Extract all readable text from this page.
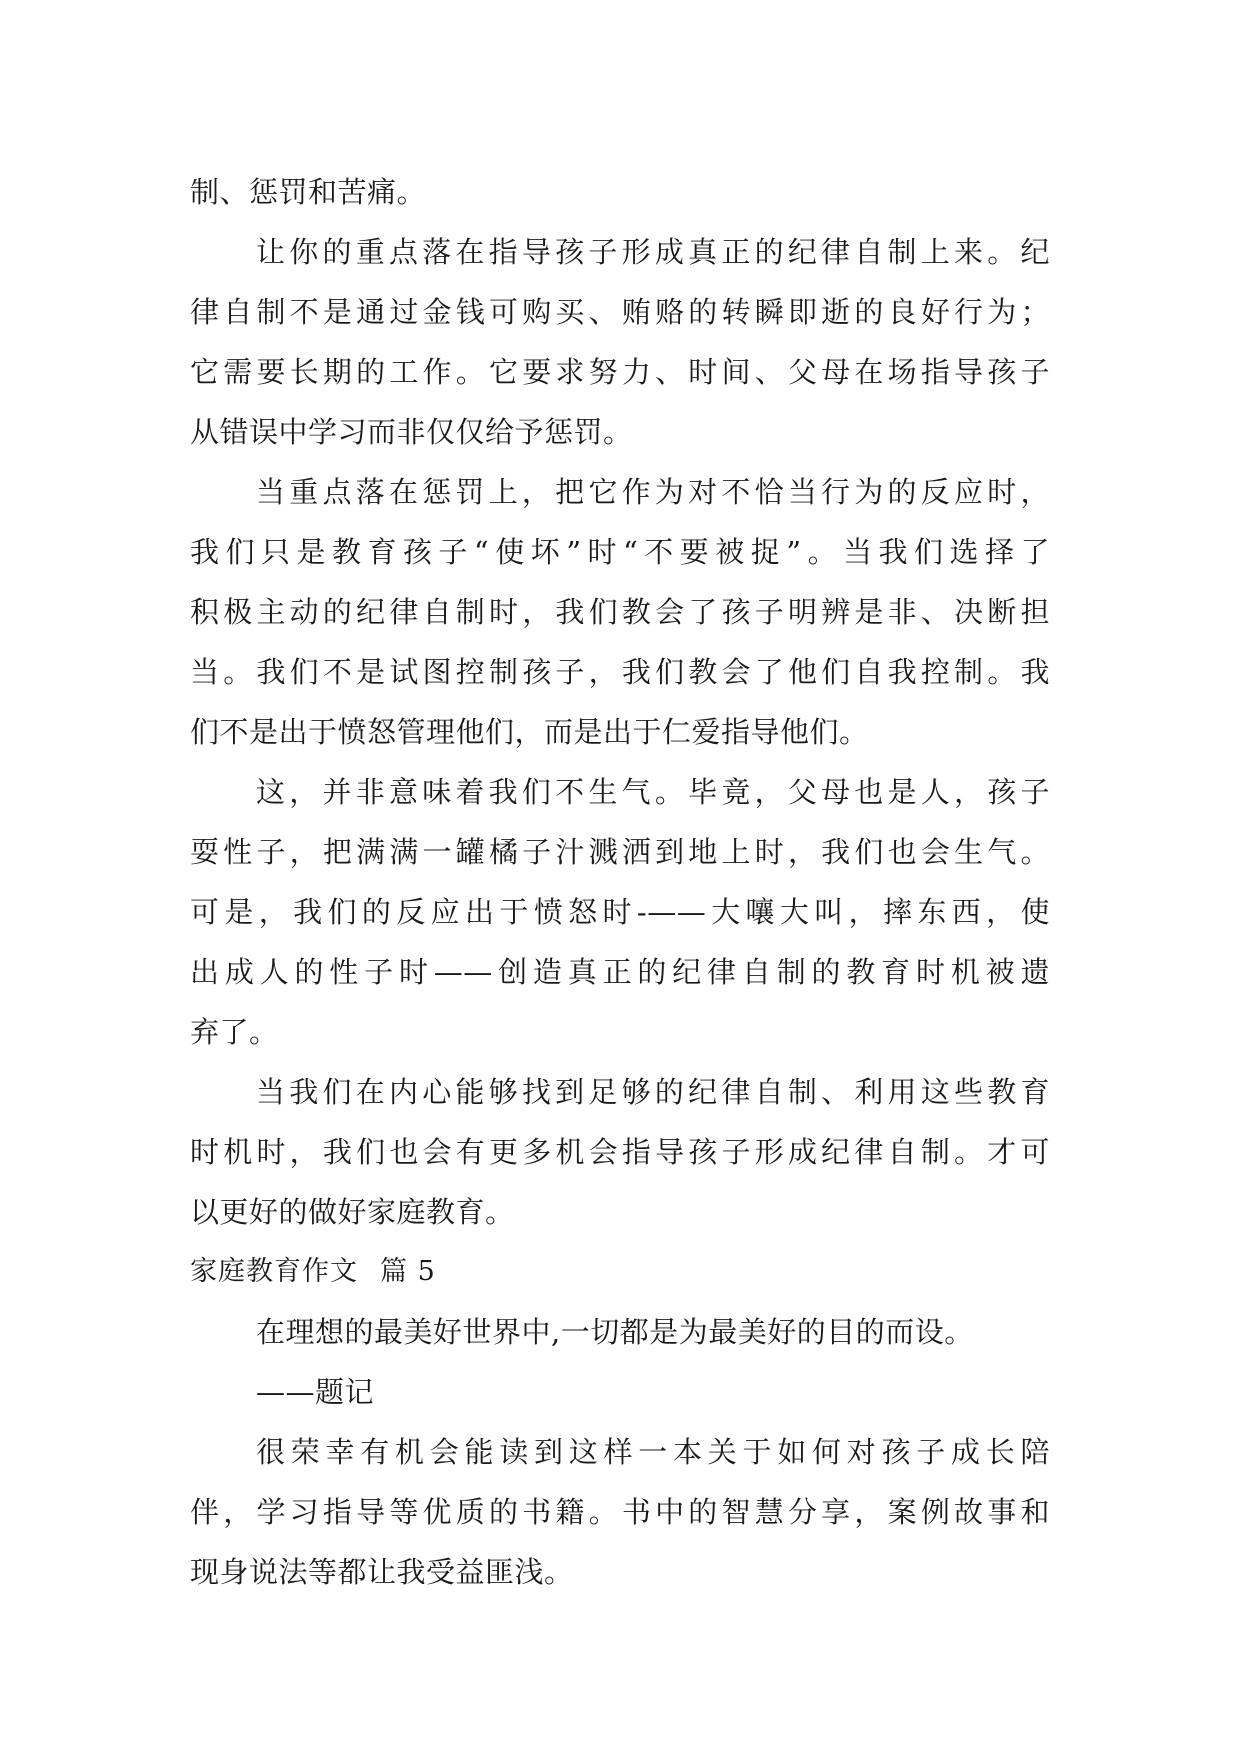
制、惩罚和苦痛。
让你的重点落在指导孩子形成真正的纪律自制上来。纪
律自制不是通过金钱可购买、贿赂的转瞬即逝的良好行为；
它需要长期的工作。它要求努力、时间、父母在场指导孩子
从错误中学习而非仅仅给予惩罚。
当重点落在惩罚上，把它作为对不恰当行为的反应时，
我们只是教育孩子“使坏”时“不要被捉”。当我们选择了
积极主动的纪律自制时，我们教会了孩子明辨是非、决断担
当。我们不是试图控制孩子，我们教会了他们自我控制。我
们不是出于愤怒管理他们，而是出于仁爱指导他们。
这，并非意味着我们不生气。毕竟，父母也是人，孩子
耍性子，把满满一罐橘子汁溅洒到地上时，我们也会生气。
可是，我们的反应出于愤怒时-——大嚷大叫，摔东西，使
出成人的性子时——创造真正的纪律自制的教育时机被遗
弃了。
当我们在内心能够找到足够的纪律自制、利用这些教育
时机时，我们也会有更多机会指导孩子形成纪律自制。才可
以更好的做好家庭教育。
家庭教育作文 篇 5
在理想的最美好世界中,一切都是为最美好的目的而设。
——题记
很荣幸有机会能读到这样一本关于如何对孩子成长陪
伴，学习指导等优质的书籍。书中的智慧分享，案例故事和
现身说法等都让我受益匪浅。
